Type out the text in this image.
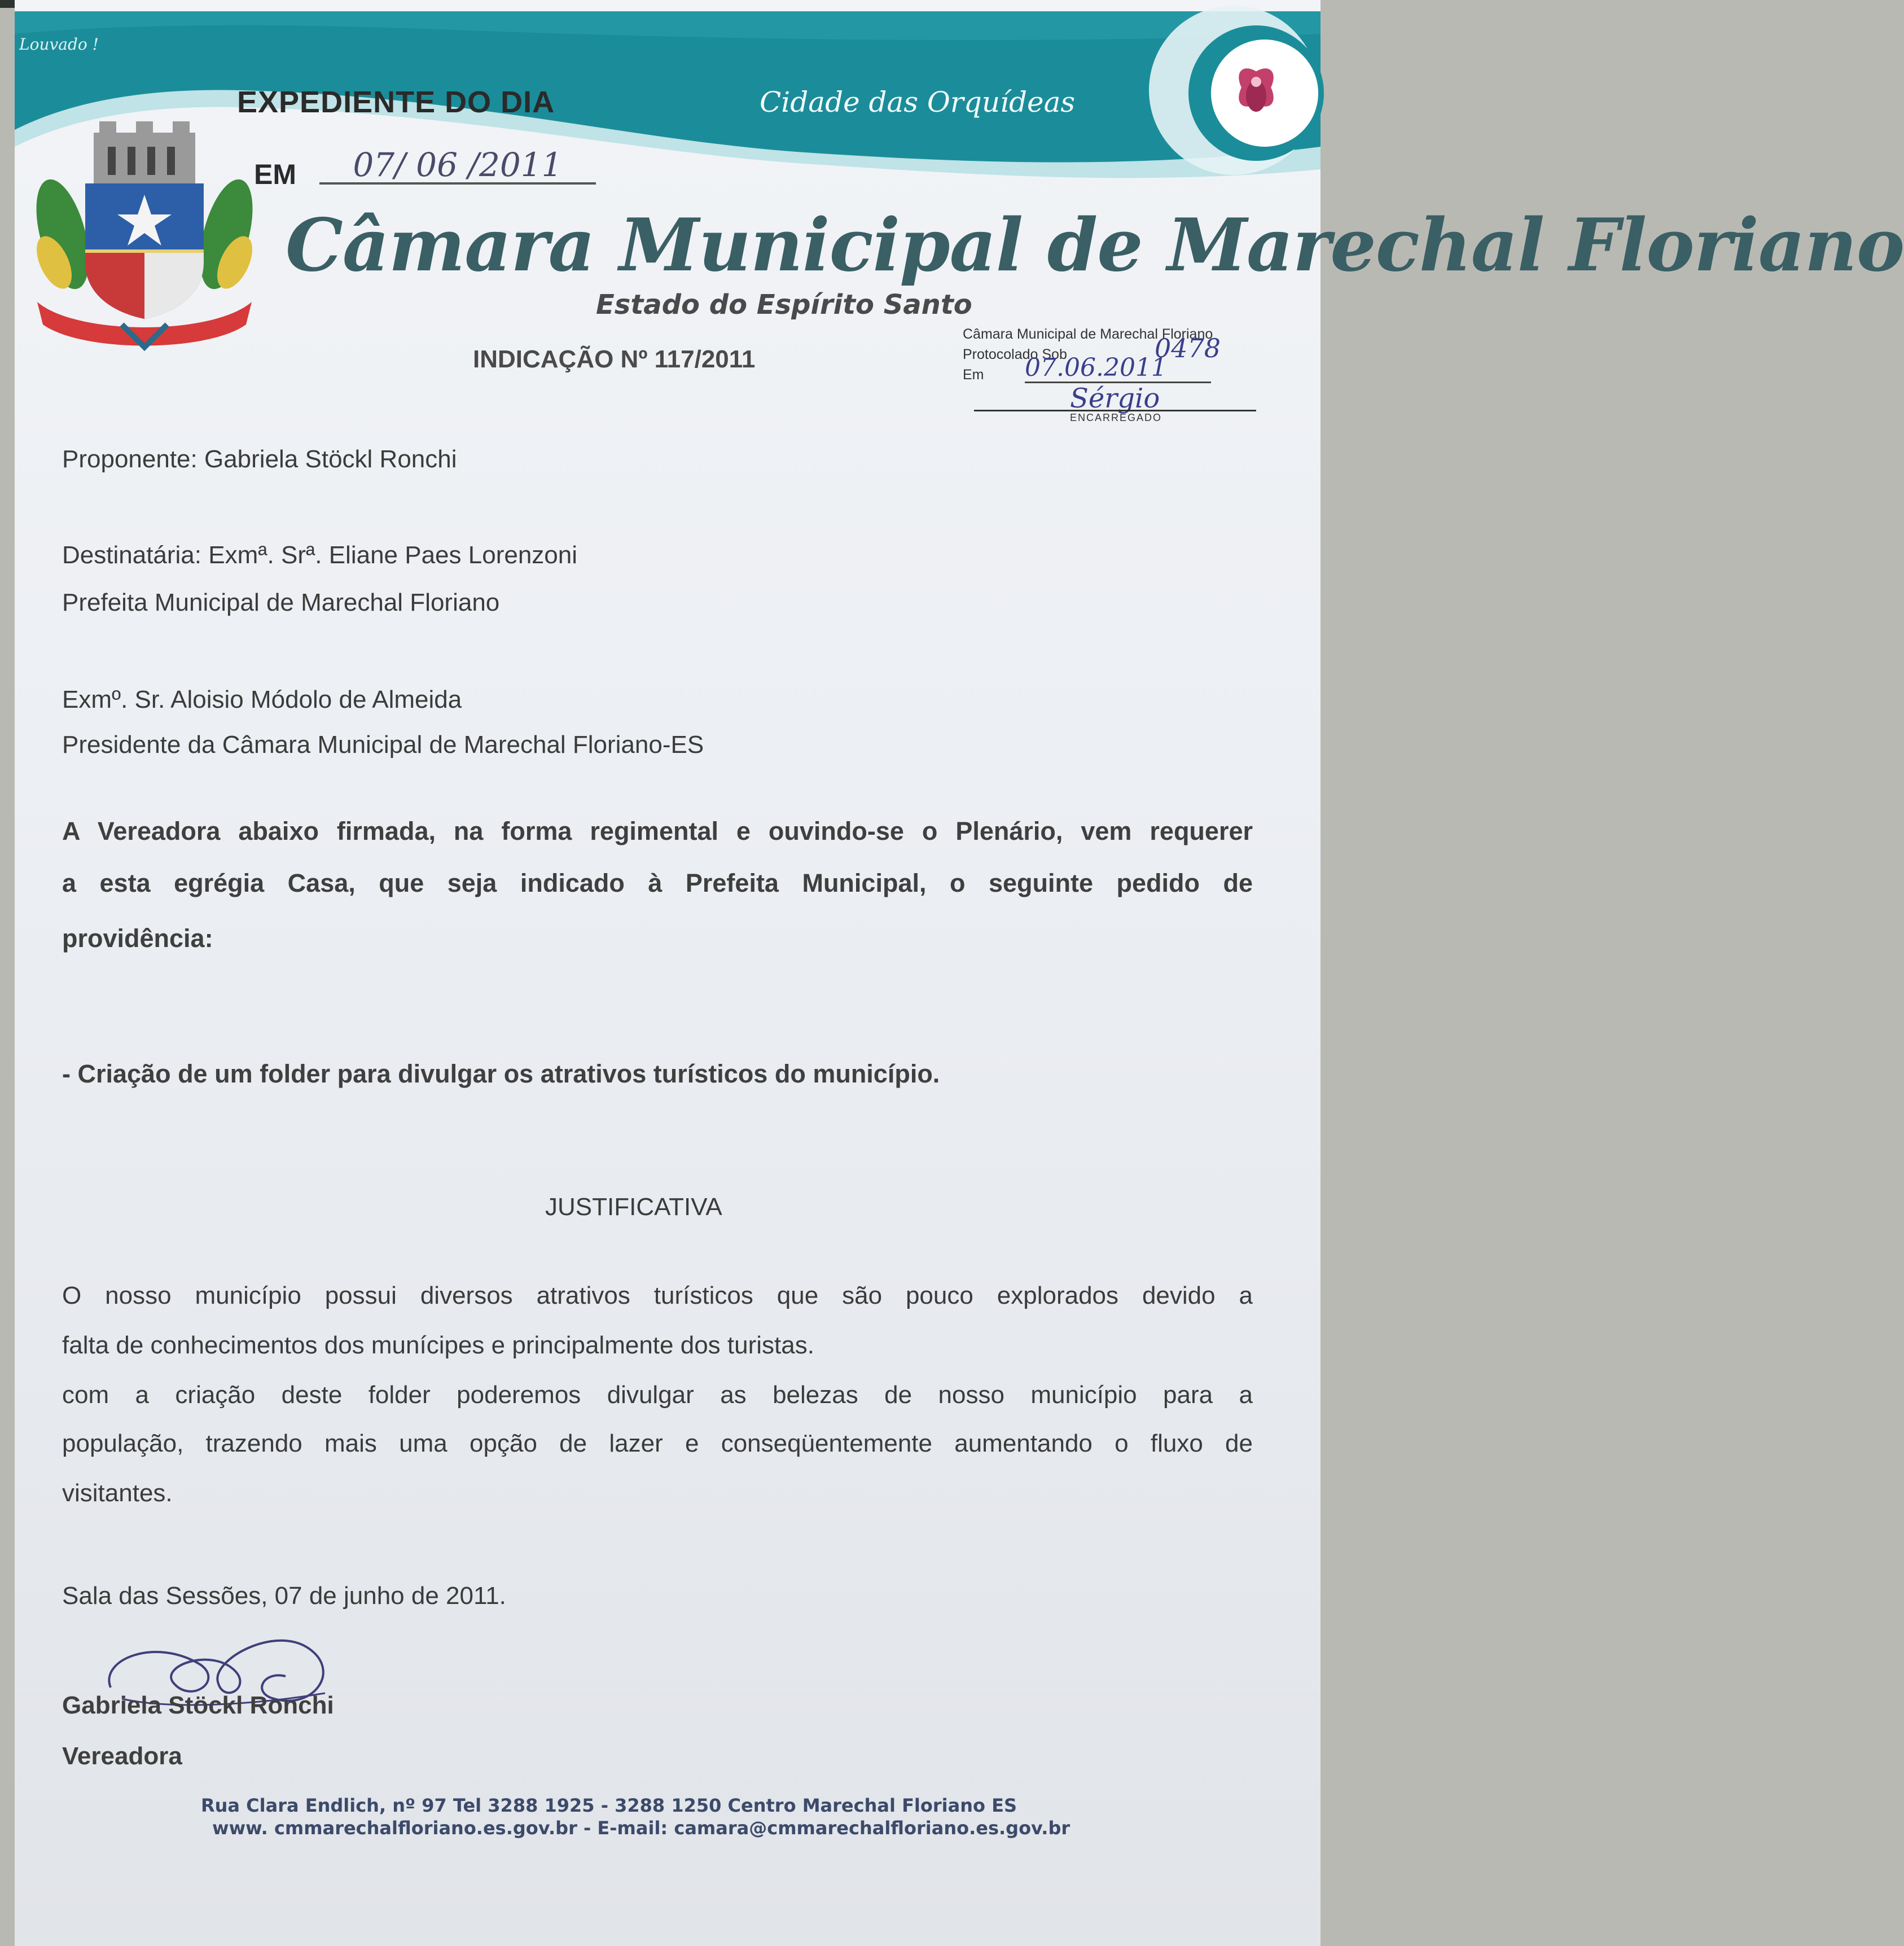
Louvado !
EXPEDIENTE DO DIA	Cidade das Orquídeas
EM	07/ 06 /2011
Câmara Municipal de Marechal Floriano
Estado do Espírito Santo
INDICAÇÃO Nº 117/2011
Câmara Municipal de Marechal Floriano
Protocolado Sob	0478
Em 07.06.2011
Sérgio
ENCARREGADO
Proponente: Gabriela Stöckl Ronchi
Destinatária: Exmª. Srª. Eliane Paes Lorenzoni
Prefeita Municipal de Marechal Floriano
Exmº. Sr. Aloisio Módolo de Almeida
Presidente da Câmara Municipal de Marechal Floriano-ES
A Vereadora abaixo firmada, na forma regimental e ouvindo-se o Plenário, vem requerer
a esta egrégia Casa, que seja indicado à Prefeita Municipal, o seguinte pedido de
providência:
- Criação de um folder para divulgar os atrativos turísticos do município.
JUSTIFICATIVA
O nosso município possui diversos atrativos turísticos que são pouco explorados devido a
falta de conhecimentos dos munícipes e principalmente dos turistas.
com a criação deste folder poderemos divulgar as belezas de nosso município para a
população, trazendo mais uma opção de lazer e conseqüentemente aumentando o fluxo de
visitantes.
Sala das Sessões, 07 de junho de 2011.
Gabriela Stöckl Ronchi
Vereadora
Rua Clara Endlich, nº 97 Tel 3288 1925 - 3288 1250 Centro Marechal Floriano ES
www. cmmarechalfloriano.es.gov.br - E-mail: camara@cmmarechalfloriano.es.gov.br
